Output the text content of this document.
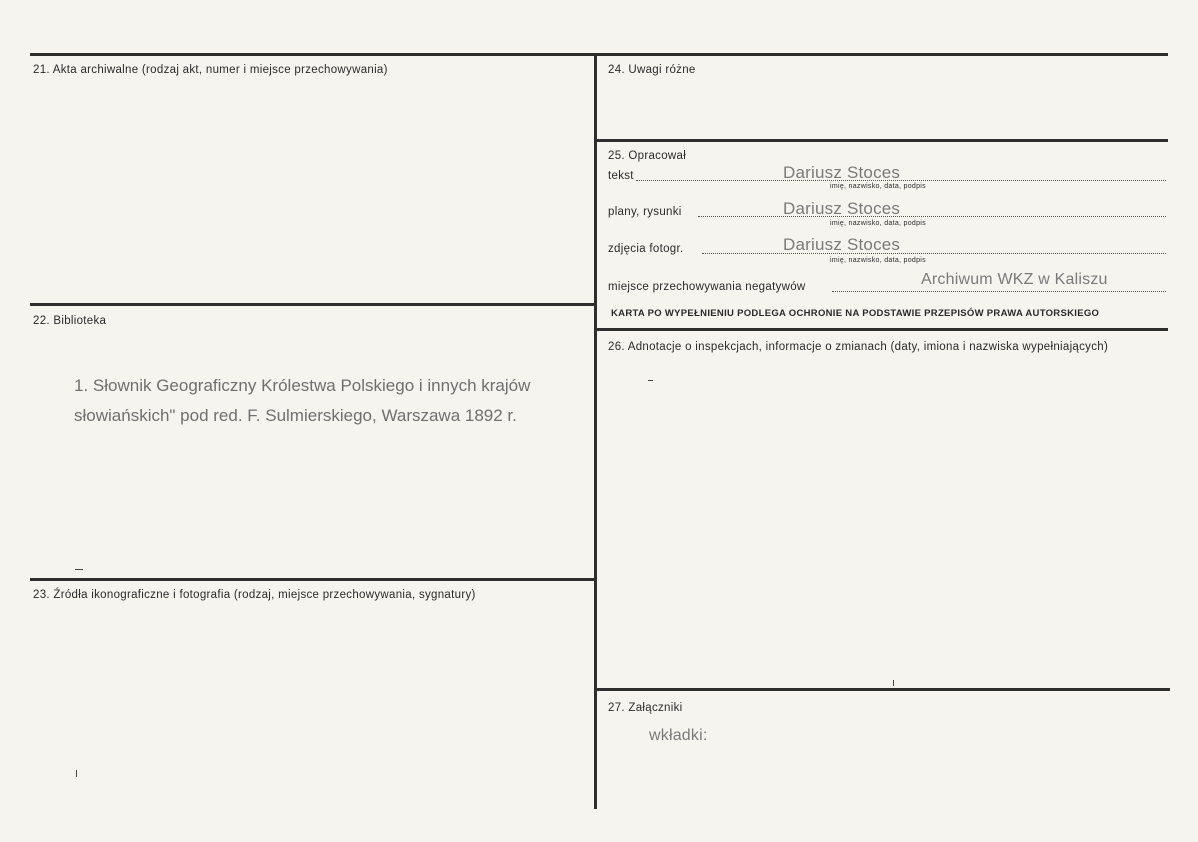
21. Akta archiwalne (rodzaj akt, numer i miejsce przechowywania)
22. Biblioteka
1. Słownik Geograficzny Królestwa Polskiego i innych krajów
słowiańskich" pod red. F. Sulmierskiego, Warszawa 1892 r.
23. Źródła ikonograficzne i fotografia (rodzaj, miejsce przechowywania, sygnatury)
24. Uwagi różne
25. Opracował
tekst	Dariusz Stoces
imię, nazwisko, data, podpis
plany, rysunki	Dariusz Stoces
imię, nazwisko, data, podpis
zdjęcia fotogr.	Dariusz Stoces
imię, nazwisko, data, podpis
miejsce przechowywania negatywów	Archiwum WKZ w Kaliszu
KARTA PO WYPEŁNIENIU PODLEGA OCHRONIE NA PODSTAWIE PRZEPISÓW PRAWA AUTORSKIEGO
26. Adnotacje o inspekcjach, informacje o zmianach (daty, imiona i nazwiska wypełniających)
27. Załączniki
wkładki:
